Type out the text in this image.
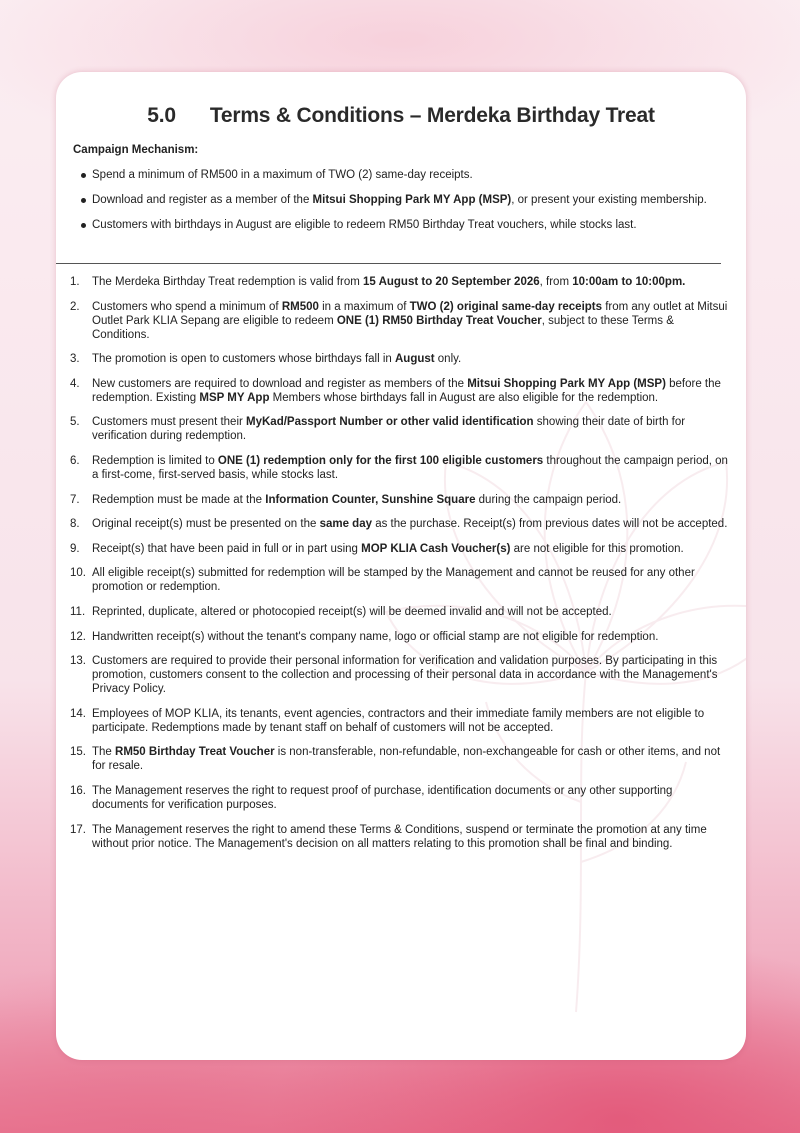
5.0 Terms & Conditions – Merdeka Birthday Treat
Campaign Mechanism:
Spend a minimum of RM500 in a maximum of TWO (2) same-day receipts.
Download and register as a member of the Mitsui Shopping Park MY App (MSP), or present your existing membership.
Customers with birthdays in August are eligible to redeem RM50 Birthday Treat vouchers, while stocks last.
1. The Merdeka Birthday Treat redemption is valid from 15 August to 20 September 2026, from 10:00am to 10:00pm.
2. Customers who spend a minimum of RM500 in a maximum of TWO (2) original same-day receipts from any outlet at Mitsui Outlet Park KLIA Sepang are eligible to redeem ONE (1) RM50 Birthday Treat Voucher, subject to these Terms & Conditions.
3. The promotion is open to customers whose birthdays fall in August only.
4. New customers are required to download and register as members of the Mitsui Shopping Park MY App (MSP) before the redemption. Existing MSP MY App Members whose birthdays fall in August are also eligible for the redemption.
5. Customers must present their MyKad/Passport Number or other valid identification showing their date of birth for verification during redemption.
6. Redemption is limited to ONE (1) redemption only for the first 100 eligible customers throughout the campaign period, on a first-come, first-served basis, while stocks last.
7. Redemption must be made at the Information Counter, Sunshine Square during the campaign period.
8. Original receipt(s) must be presented on the same day as the purchase. Receipt(s) from previous dates will not be accepted.
9. Receipt(s) that have been paid in full or in part using MOP KLIA Cash Voucher(s) are not eligible for this promotion.
10. All eligible receipt(s) submitted for redemption will be stamped by the Management and cannot be reused for any other promotion or redemption.
11. Reprinted, duplicate, altered or photocopied receipt(s) will be deemed invalid and will not be accepted.
12. Handwritten receipt(s) without the tenant's company name, logo or official stamp are not eligible for redemption.
13. Customers are required to provide their personal information for verification and validation purposes. By participating in this promotion, customers consent to the collection and processing of their personal data in accordance with the Management's Privacy Policy.
14. Employees of MOP KLIA, its tenants, event agencies, contractors and their immediate family members are not eligible to participate. Redemptions made by tenant staff on behalf of customers will not be accepted.
15. The RM50 Birthday Treat Voucher is non-transferable, non-refundable, non-exchangeable for cash or other items, and not for resale.
16. The Management reserves the right to request proof of purchase, identification documents or any other supporting documents for verification purposes.
17. The Management reserves the right to amend these Terms & Conditions, suspend or terminate the promotion at any time without prior notice. The Management's decision on all matters relating to this promotion shall be final and binding.
